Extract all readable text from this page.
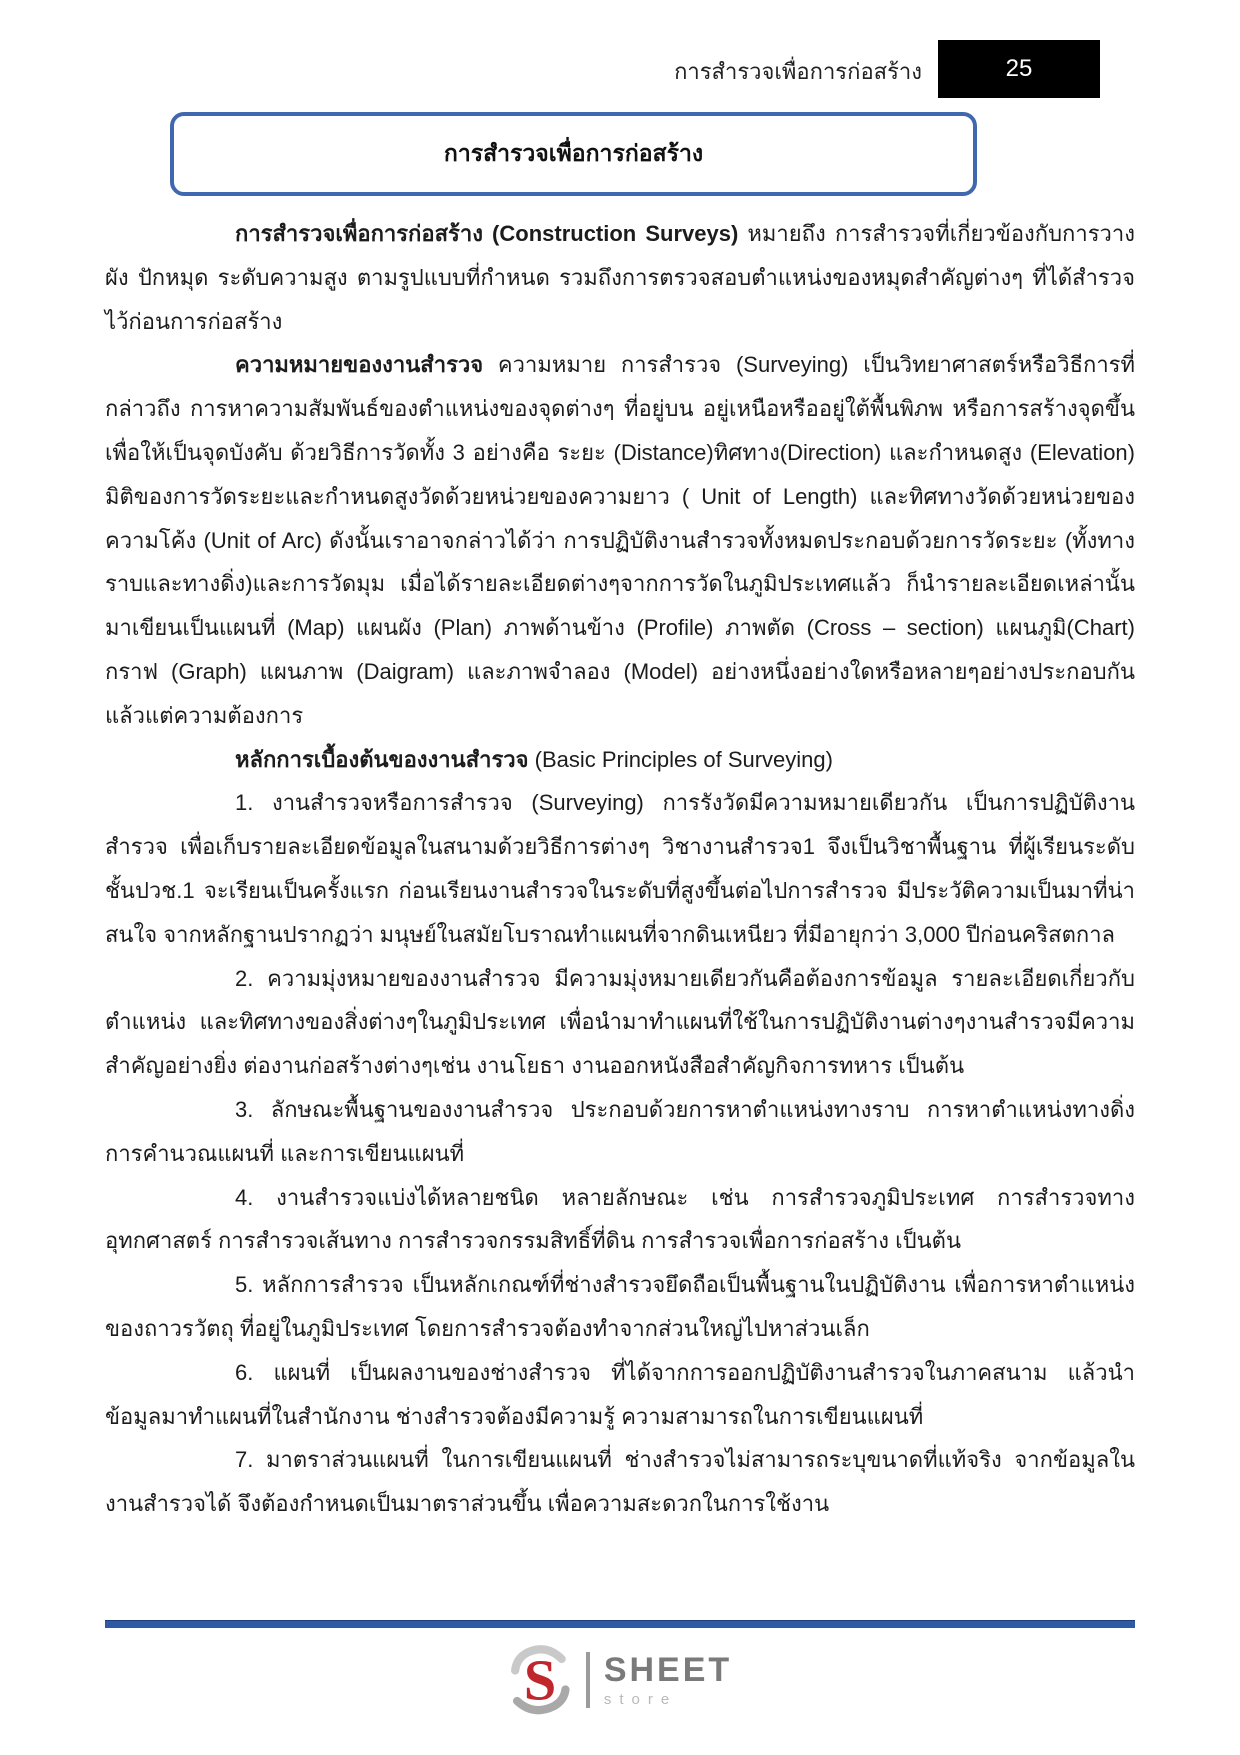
การสำรวจเพื่อการก่อสร้าง	25
การสำรวจเพื่อการก่อสร้าง

การสำรวจเพื่อการก่อสร้าง (Construction Surveys) หมายถึง การสำรวจที่เกี่ยวข้องกับการวางผัง ปักหมุด ระดับความสูง ตามรูปแบบที่กำหนด รวมถึงการตรวจสอบตำแหน่งของหมุดสำคัญต่างๆ ที่ได้สำรวจไว้ก่อนการก่อสร้าง

ความหมายของงานสำรวจ ความหมาย การสำรวจ (Surveying) เป็นวิทยาศาสตร์หรือวิธีการที่กล่าวถึง การหาความสัมพันธ์ของตำแหน่งของจุดต่างๆ ที่อยู่บน อยู่เหนือหรืออยู่ใต้พื้นพิภพ หรือการสร้างจุดขึ้นเพื่อให้เป็นจุดบังคับ ด้วยวิธีการวัดทั้ง 3 อย่างคือ ระยะ (Distance)ทิศทาง(Direction) และกำหนดสูง (Elevation) มิติของการวัดระยะและกำหนดสูงวัดด้วยหน่วยของความยาว ( Unit of Length) และทิศทางวัดด้วยหน่วยของความโค้ง (Unit of Arc) ดังนั้นเราอาจกล่าวได้ว่า การปฏิบัติงานสำรวจทั้งหมดประกอบด้วยการวัดระยะ (ทั้งทางราบและทางดิ่ง)และการวัดมุม เมื่อได้รายละเอียดต่างๆจากการวัดในภูมิประเทศแล้ว ก็นำรายละเอียดเหล่านั้นมาเขียนเป็นแผนที่ (Map) แผนผัง (Plan) ภาพด้านข้าง (Profile) ภาพตัด (Cross – section) แผนภูมิ(Chart) กราฟ (Graph) แผนภาพ (Daigram) และภาพจำลอง (Model) อย่างหนึ่งอย่างใดหรือหลายๆอย่างประกอบกัน แล้วแต่ความต้องการ

หลักการเบื้องต้นของงานสำรวจ (Basic Principles of Surveying)

1. งานสำรวจหรือการสำรวจ (Surveying) การรังวัดมีความหมายเดียวกัน เป็นการปฏิบัติงานสำรวจ เพื่อเก็บรายละเอียดข้อมูลในสนามด้วยวิธีการต่างๆ วิชางานสำรวจ1 จึงเป็นวิชาพื้นฐาน ที่ผู้เรียนระดับชั้นปวช.1 จะเรียนเป็นครั้งแรก ก่อนเรียนงานสำรวจในระดับที่สูงขึ้นต่อไปการสำรวจ มีประวัติความเป็นมาที่น่าสนใจ จากหลักฐานปรากฏว่า มนุษย์ในสมัยโบราณทำแผนที่จากดินเหนียว ที่มีอายุกว่า 3,000 ปีก่อนคริสตกาล

2. ความมุ่งหมายของงานสำรวจ มีความมุ่งหมายเดียวกันคือต้องการข้อมูล รายละเอียดเกี่ยวกับตำแหน่ง และทิศทางของสิ่งต่างๆในภูมิประเทศ เพื่อนำมาทำแผนที่ใช้ในการปฏิบัติงานต่างๆงานสำรวจมีความสำคัญอย่างยิ่ง ต่องานก่อสร้างต่างๆเช่น งานโยธา งานออกหนังสือสำคัญกิจการทหาร เป็นต้น

3. ลักษณะพื้นฐานของงานสำรวจ ประกอบด้วยการหาตำแหน่งทางราบ การหาตำแหน่งทางดิ่ง การคำนวณแผนที่ และการเขียนแผนที่

4. งานสำรวจแบ่งได้หลายชนิด หลายลักษณะ เช่น การสำรวจภูมิประเทศ การสำรวจทางอุทกศาสตร์ การสำรวจเส้นทาง การสำรวจกรรมสิทธิ์ที่ดิน การสำรวจเพื่อการก่อสร้าง เป็นต้น

5. หลักการสำรวจ เป็นหลักเกณฑ์ที่ช่างสำรวจยึดถือเป็นพื้นฐานในปฏิบัติงาน เพื่อการหาตำแหน่งของถาวรวัตถุ ที่อยู่ในภูมิประเทศ โดยการสำรวจต้องทำจากส่วนใหญ่ไปหาส่วนเล็ก

6. แผนที่ เป็นผลงานของช่างสำรวจ ที่ได้จากการออกปฏิบัติงานสำรวจในภาคสนาม แล้วนำข้อมูลมาทำแผนที่ในสำนักงาน ช่างสำรวจต้องมีความรู้ ความสามารถในการเขียนแผนที่

7. มาตราส่วนแผนที่ ในการเขียนแผนที่ ช่างสำรวจไม่สามารถระบุขนาดที่แท้จริง จากข้อมูลในงานสำรวจได้ จึงต้องกำหนดเป็นมาตราส่วนขึ้น เพื่อความสะดวกในการใช้งาน

S SHEET
store
